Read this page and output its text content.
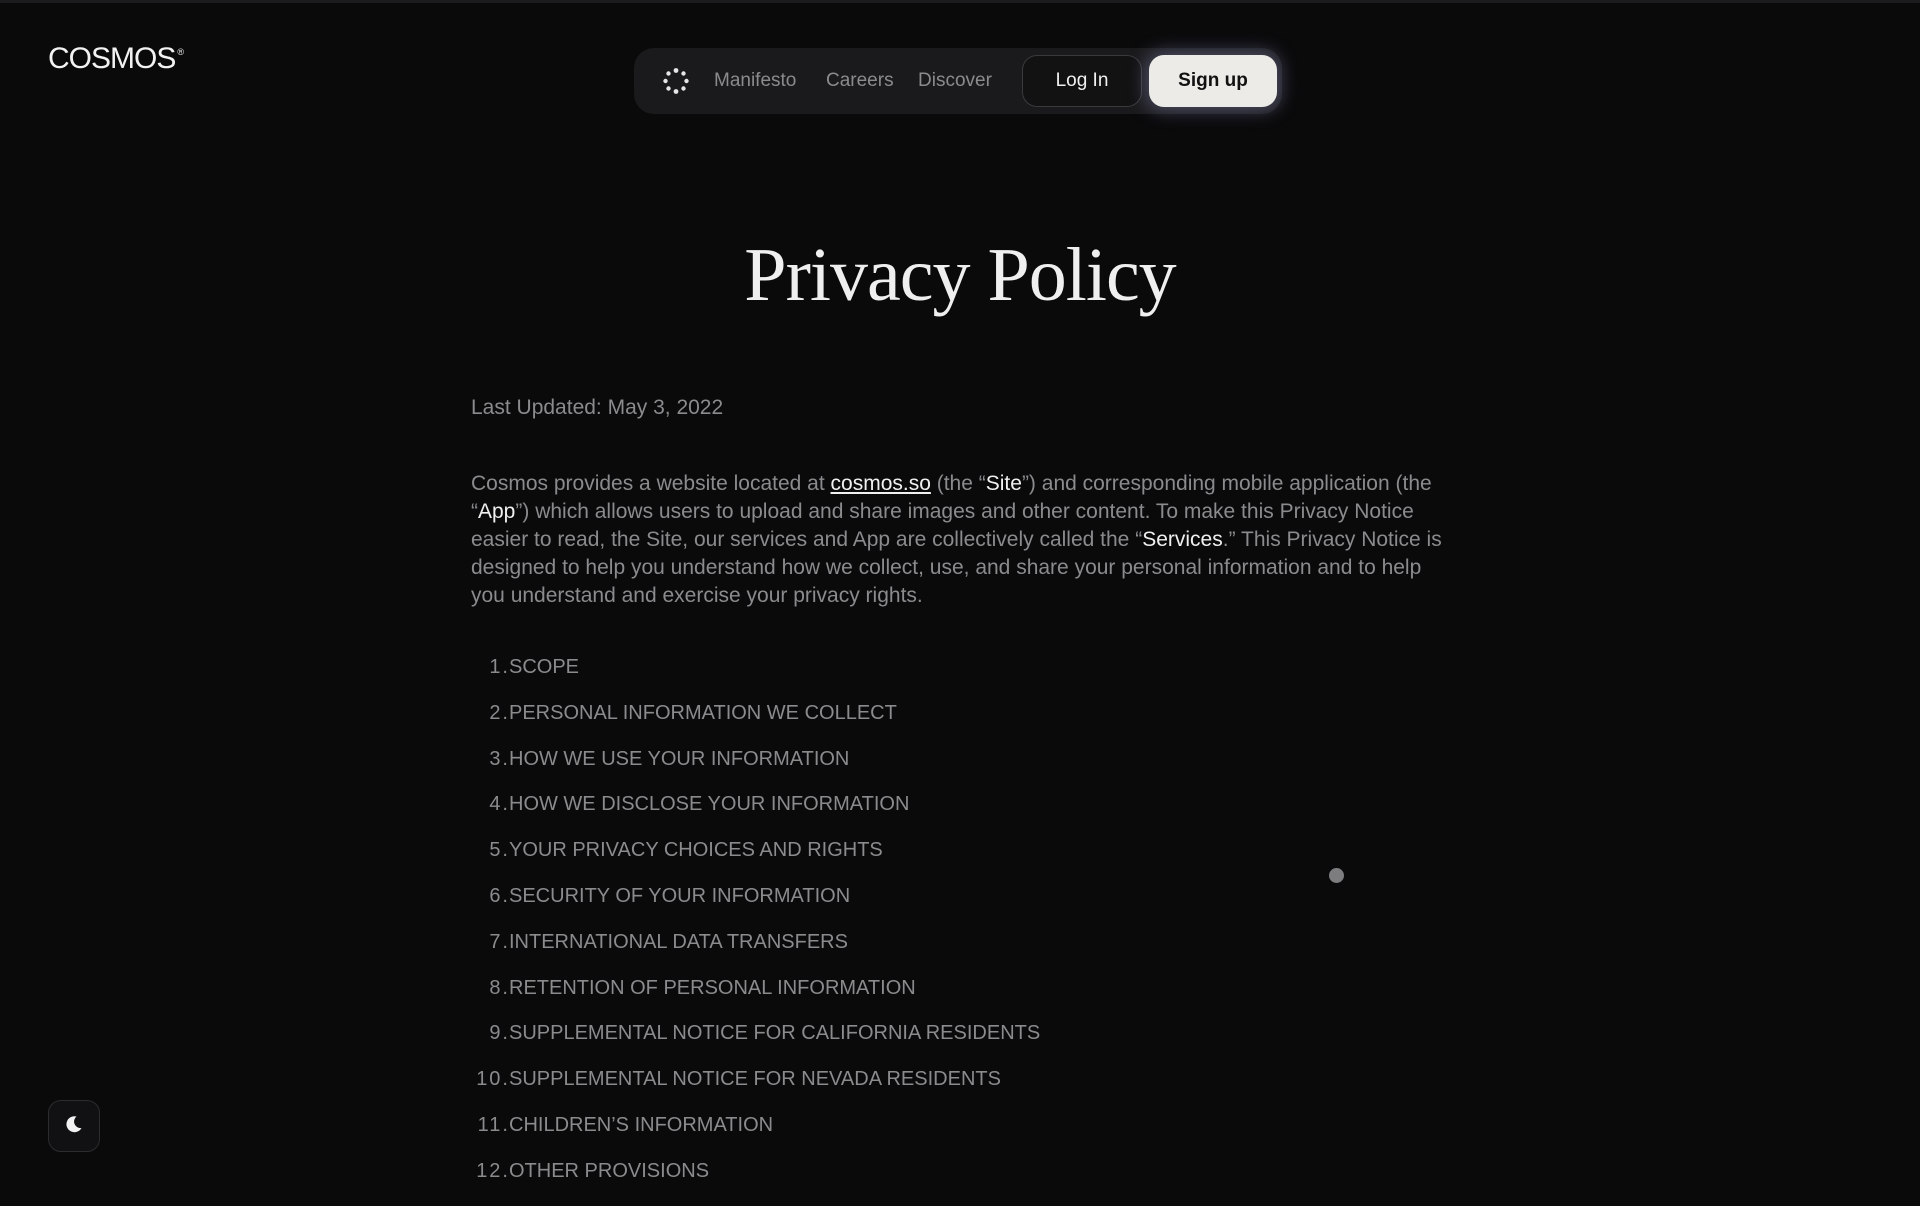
COSMOS ®
Manifesto Careers Discover	Log In	Sign up
Privacy Policy
Last Updated: May 3, 2022
Cosmos provides a website located at cosmos.so (the “Site”) and corresponding mobile application (the “App”) which allows users to upload and share images and other content. To make this Privacy Notice easier to read, the Site, our services and App are collectively called the “Services.” This Privacy Notice is designed to help you understand how we collect, use, and share your personal information and to help you understand and exercise your privacy rights.
1. SCOPE
2. PERSONAL INFORMATION WE COLLECT
3. HOW WE USE YOUR INFORMATION
4. HOW WE DISCLOSE YOUR INFORMATION
5. YOUR PRIVACY CHOICES AND RIGHTS
6. SECURITY OF YOUR INFORMATION
7. INTERNATIONAL DATA TRANSFERS
8. RETENTION OF PERSONAL INFORMATION
9. SUPPLEMENTAL NOTICE FOR CALIFORNIA RESIDENTS
10. SUPPLEMENTAL NOTICE FOR NEVADA RESIDENTS
11. CHILDREN’S INFORMATION
12. OTHER PROVISIONS
